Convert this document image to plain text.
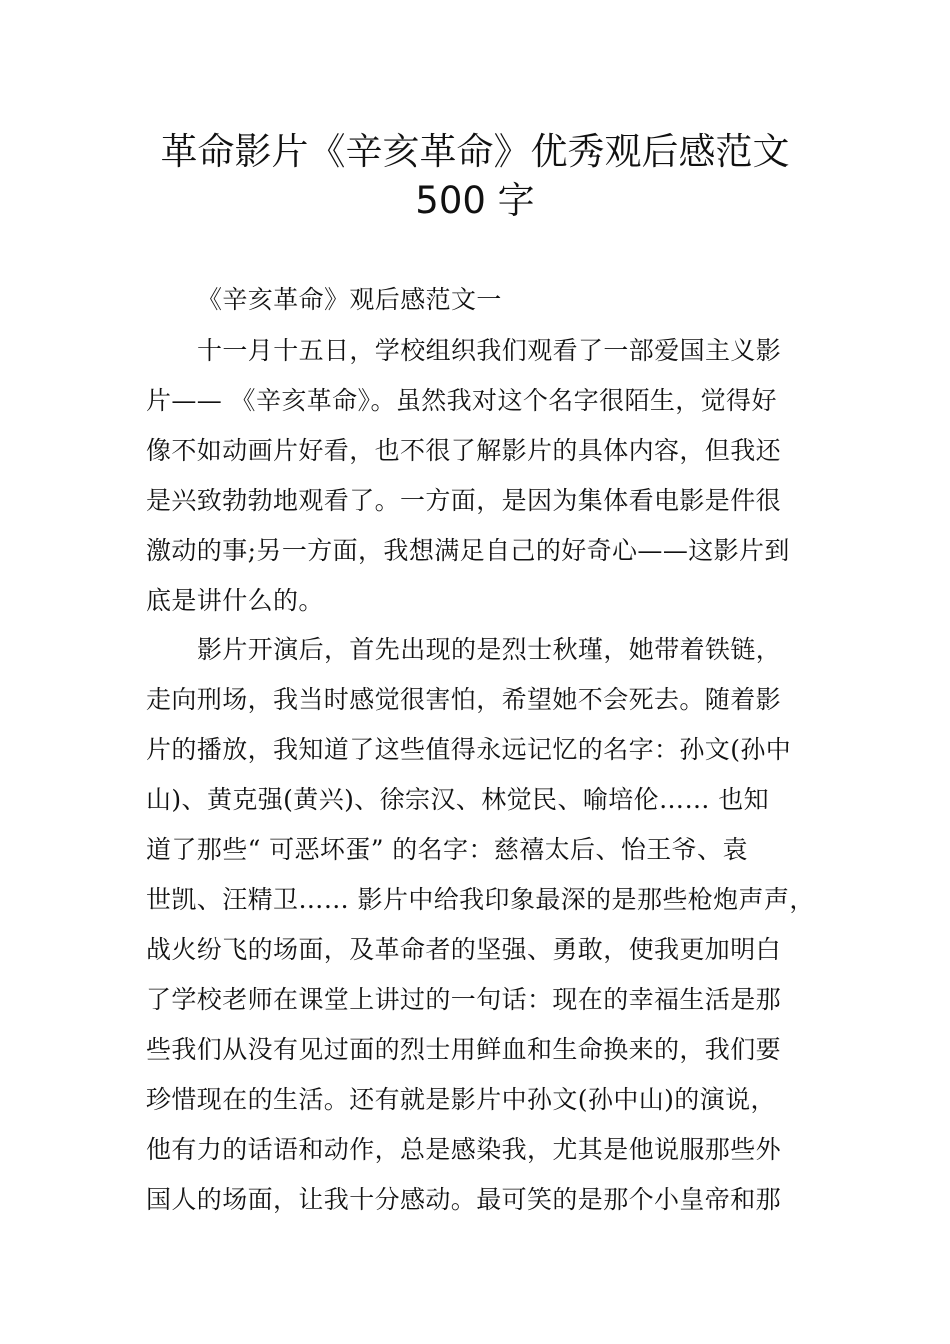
革命影片《辛亥革命》优秀观后感范文
500 字
《辛亥革命》观后感范文一
十一月十五日，学校组织我们观看了一部爱国主义影
片—— 《辛亥革命》。虽然我对这个名字很陌生，觉得好
像不如动画片好看，也不很了解影片的具体内容，但我还
是兴致勃勃地观看了。一方面，是因为集体看电影是件很
激动的事;另一方面，我想满足自己的好奇心——这影片到
底是讲什么的。
影片开演后，首先出现的是烈士秋瑾，她带着铁链，
走向刑场，我当时感觉很害怕，希望她不会死去。随着影
片的播放，我知道了这些值得永远记忆的名字：孙文(孙中
山)、黄克强(黄兴)、徐宗汉、林觉民、喻培伦…… 也知
道了那些“ 可恶坏蛋” 的名字：慈禧太后、怡王爷、袁
世凯、汪精卫…… 影片中给我印象最深的是那些枪炮声声，
战火纷飞的场面，及革命者的坚强、勇敢，使我更加明白
了学校老师在课堂上讲过的一句话：现在的幸福生活是那
些我们从没有见过面的烈士用鲜血和生命换来的，我们要
珍惜现在的生活。还有就是影片中孙文(孙中山)的演说，
他有力的话语和动作，总是感染我，尤其是他说服那些外
国人的场面，让我十分感动。最可笑的是那个小皇帝和那
